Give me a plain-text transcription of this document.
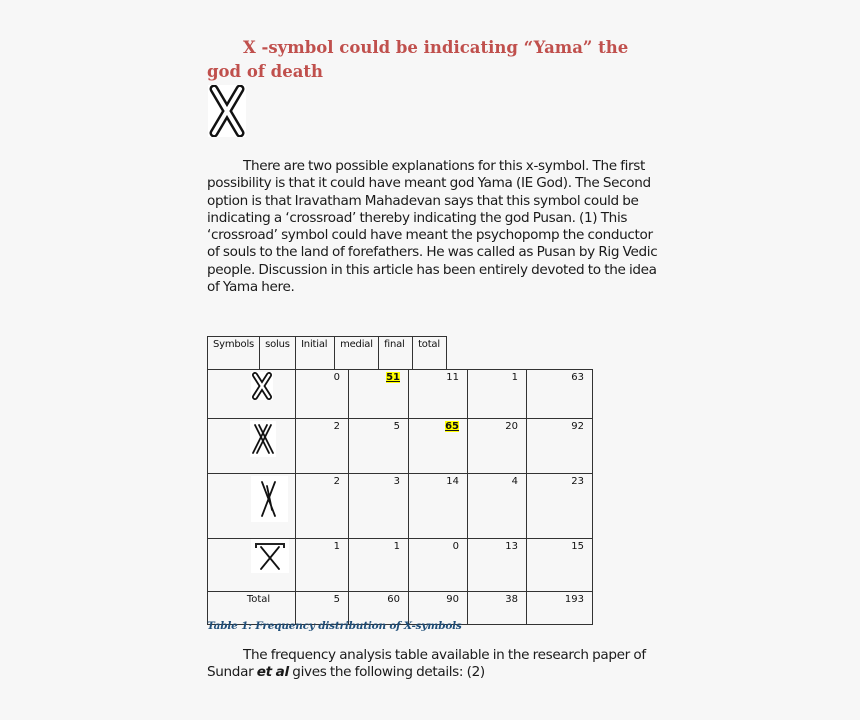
X -symbol could be indicating “Yama” the god of death

There are two possible explanations for this x-symbol. The first possibility is that it could have meant god Yama (IE God). The Second option is that Iravatham Mahadevan says that this symbol could be indicating a ‘crossroad’ thereby indicating the god Pusan. (1) This ‘crossroad’ symbol could have meant the psychopomp the conductor of souls to the land of forefathers. He was called as Pusan by Rig Vedic people. Discussion in this article has been entirely devoted to the idea of Yama here.

Symbols	solus	Initial	medial	final	total
	0	51	11	1	63

	2	5	65	20	92

	2	3	14	4	23

	1	1	0	13	15
Total	5	60	90	38	193

Table 1: Frequency distribution of X-symbols

The frequency analysis table available in the research paper of Sundar et al gives the following details: (2)
